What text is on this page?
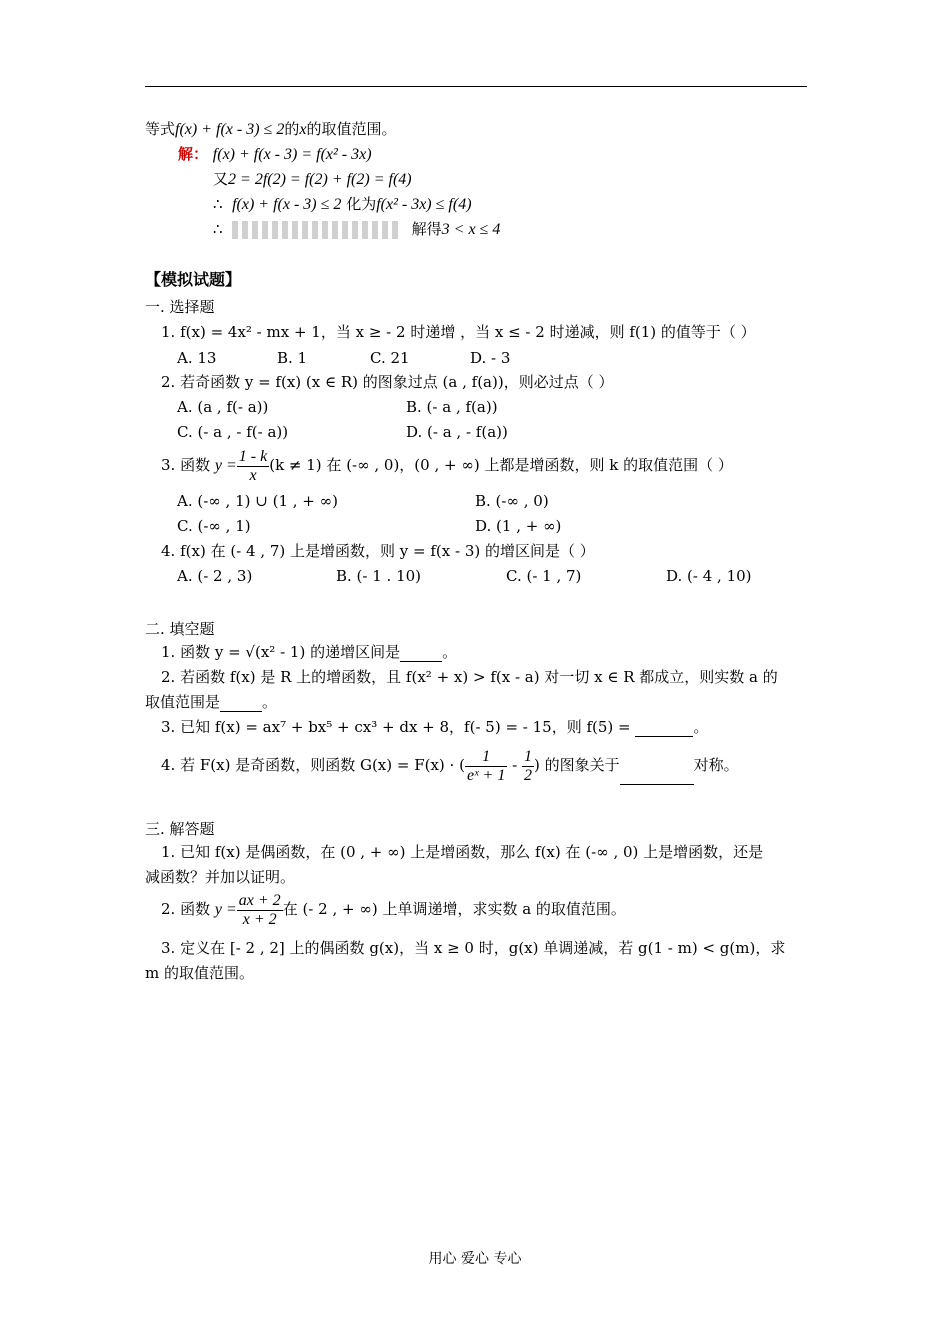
等式f(x) + f(x - 3) ≤ 2的x的取值范围。
解： f(x) + f(x - 3) = f(x² - 3x)
又2 = 2f(2) = f(2) + f(2) = f(4)
∴ f(x) + f(x - 3) ≤ 2 化为f(x² - 3x) ≤ f(4)
∴	解得3 < x ≤ 4
【模拟试题】
一. 选择题
1. f(x) = 4x² - mx + 1，当 x ≥ - 2 时递增 ，当 x ≤ - 2 时递减，则 f(1) 的值等于（ ）
A. 13	B. 1	C. 21	D. - 3
2. 若奇函数 y = f(x) (x ∈ R) 的图象过点 (a , f(a))，则必过点（ ）
A. (a , f(- a))	B. (- a , f(a))
C. (- a , - f(- a))	D. (- a , - f(a))
3. 函数 $y = \frac{1 - k}{x} (k \ne 1)$ 在 (-∞ , 0)，(0 , + ∞) 上都是增函数，则 k 的取值范围（ ）
A. (-∞ , 1) ∪ (1 , + ∞)	B. (-∞ , 0)
C. (-∞ , 1)	D. (1 , + ∞)
4. f(x) 在 (- 4 , 7) 上是增函数，则 y = f(x - 3) 的增区间是（ ）
A. (- 2 , 3)	B. (- 1 . 10)	C. (- 1 , 7)	D. (- 4 , 10)
二. 填空题
1. 函数 y = √(x² - 1) 的递增区间是	。
2. 若函数 f(x) 是 R 上的增函数，且 f(x² + x) > f(x - a) 对一切 x ∈ R 都成立，则实数 a 的
取值范围是	。
3. 已知 f(x) = ax⁷ + bx⁵ + cx³ + dx + 8，f(- 5) = - 15，则 f(5) =	。
4. 若 F(x) 是奇函数，则函数 G(x) = F(x) · ( $\frac{1}{\text{eˣ + 1}} - \frac{1}{2}$ ) 的图象关于	对称。
三. 解答题
1. 已知 f(x) 是偶函数，在 (0 , + ∞) 上是增函数，那么 f(x) 在 (-∞ , 0) 上是增函数，还是
减函数？并加以证明。
2. 函数 $y = \frac{ax + 2}{x + 2}$ 在 (- 2 , + ∞) 上单调递增，求实数 a 的取值范围。
3. 定义在 [- 2 , 2] 上的偶函数 g(x)，当 x ≥ 0 时，g(x) 单调递减，若 g(1 - m) < g(m)，求
m 的取值范围。
用心 爱心 专心
